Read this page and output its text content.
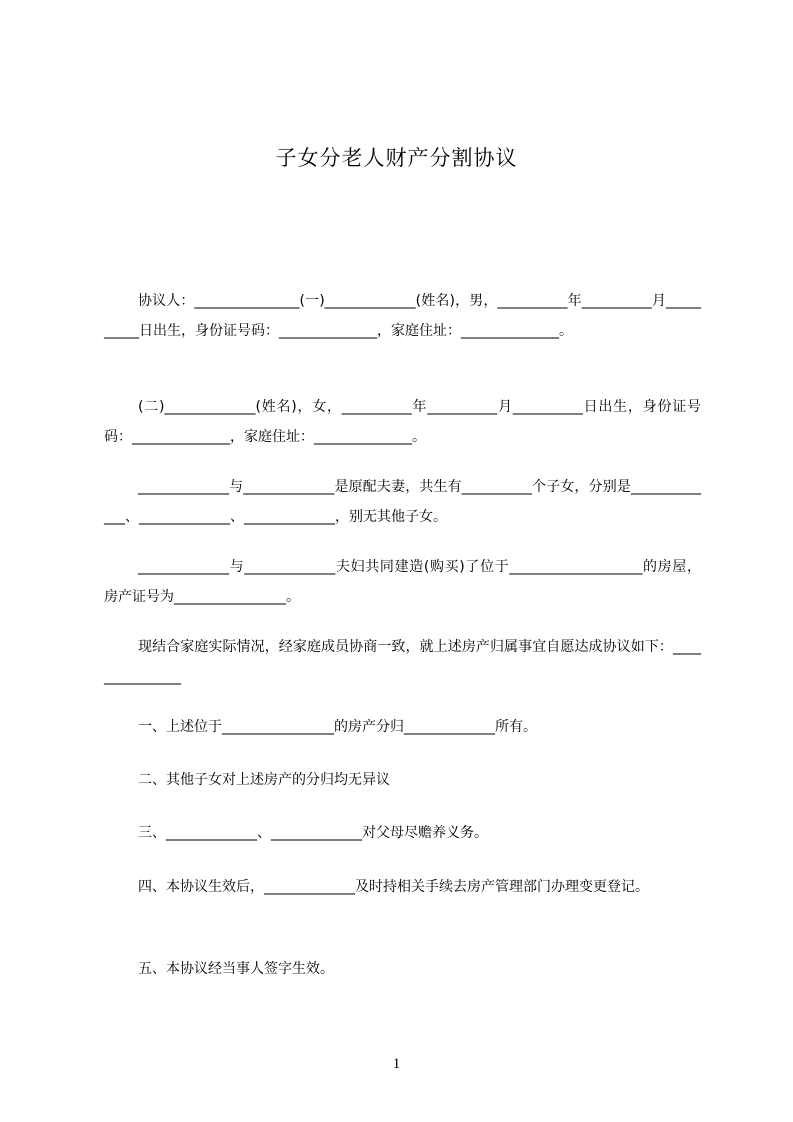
子女分老人财产分割协议

协议人：_______________(一)_____________(姓名)，男，__________年__________月__________日出生，身份证号码：______________，家庭住址：______________。

(二)_____________(姓名)，女，__________年__________月__________日出生，身份证号码：______________，家庭住址：______________。

_____________与_____________是原配夫妻，共生有__________个子女，分别是_____________、_____________、_____________，别无其他子女。

_____________与_____________夫妇共同建造(购买)了位于___________________的房屋，房产证号为________________。

现结合家庭实际情况，经家庭成员协商一致，就上述房产归属事宜自愿达成协议如下：_______________

一、上述位于________________的房产分归_____________所有。

二、其他子女对上述房产的分归均无异议

三、_____________、_____________对父母尽赡养义务。

四、本协议生效后，_____________及时持相关手续去房产管理部门办理变更登记。

五、本协议经当事人签字生效。

1
